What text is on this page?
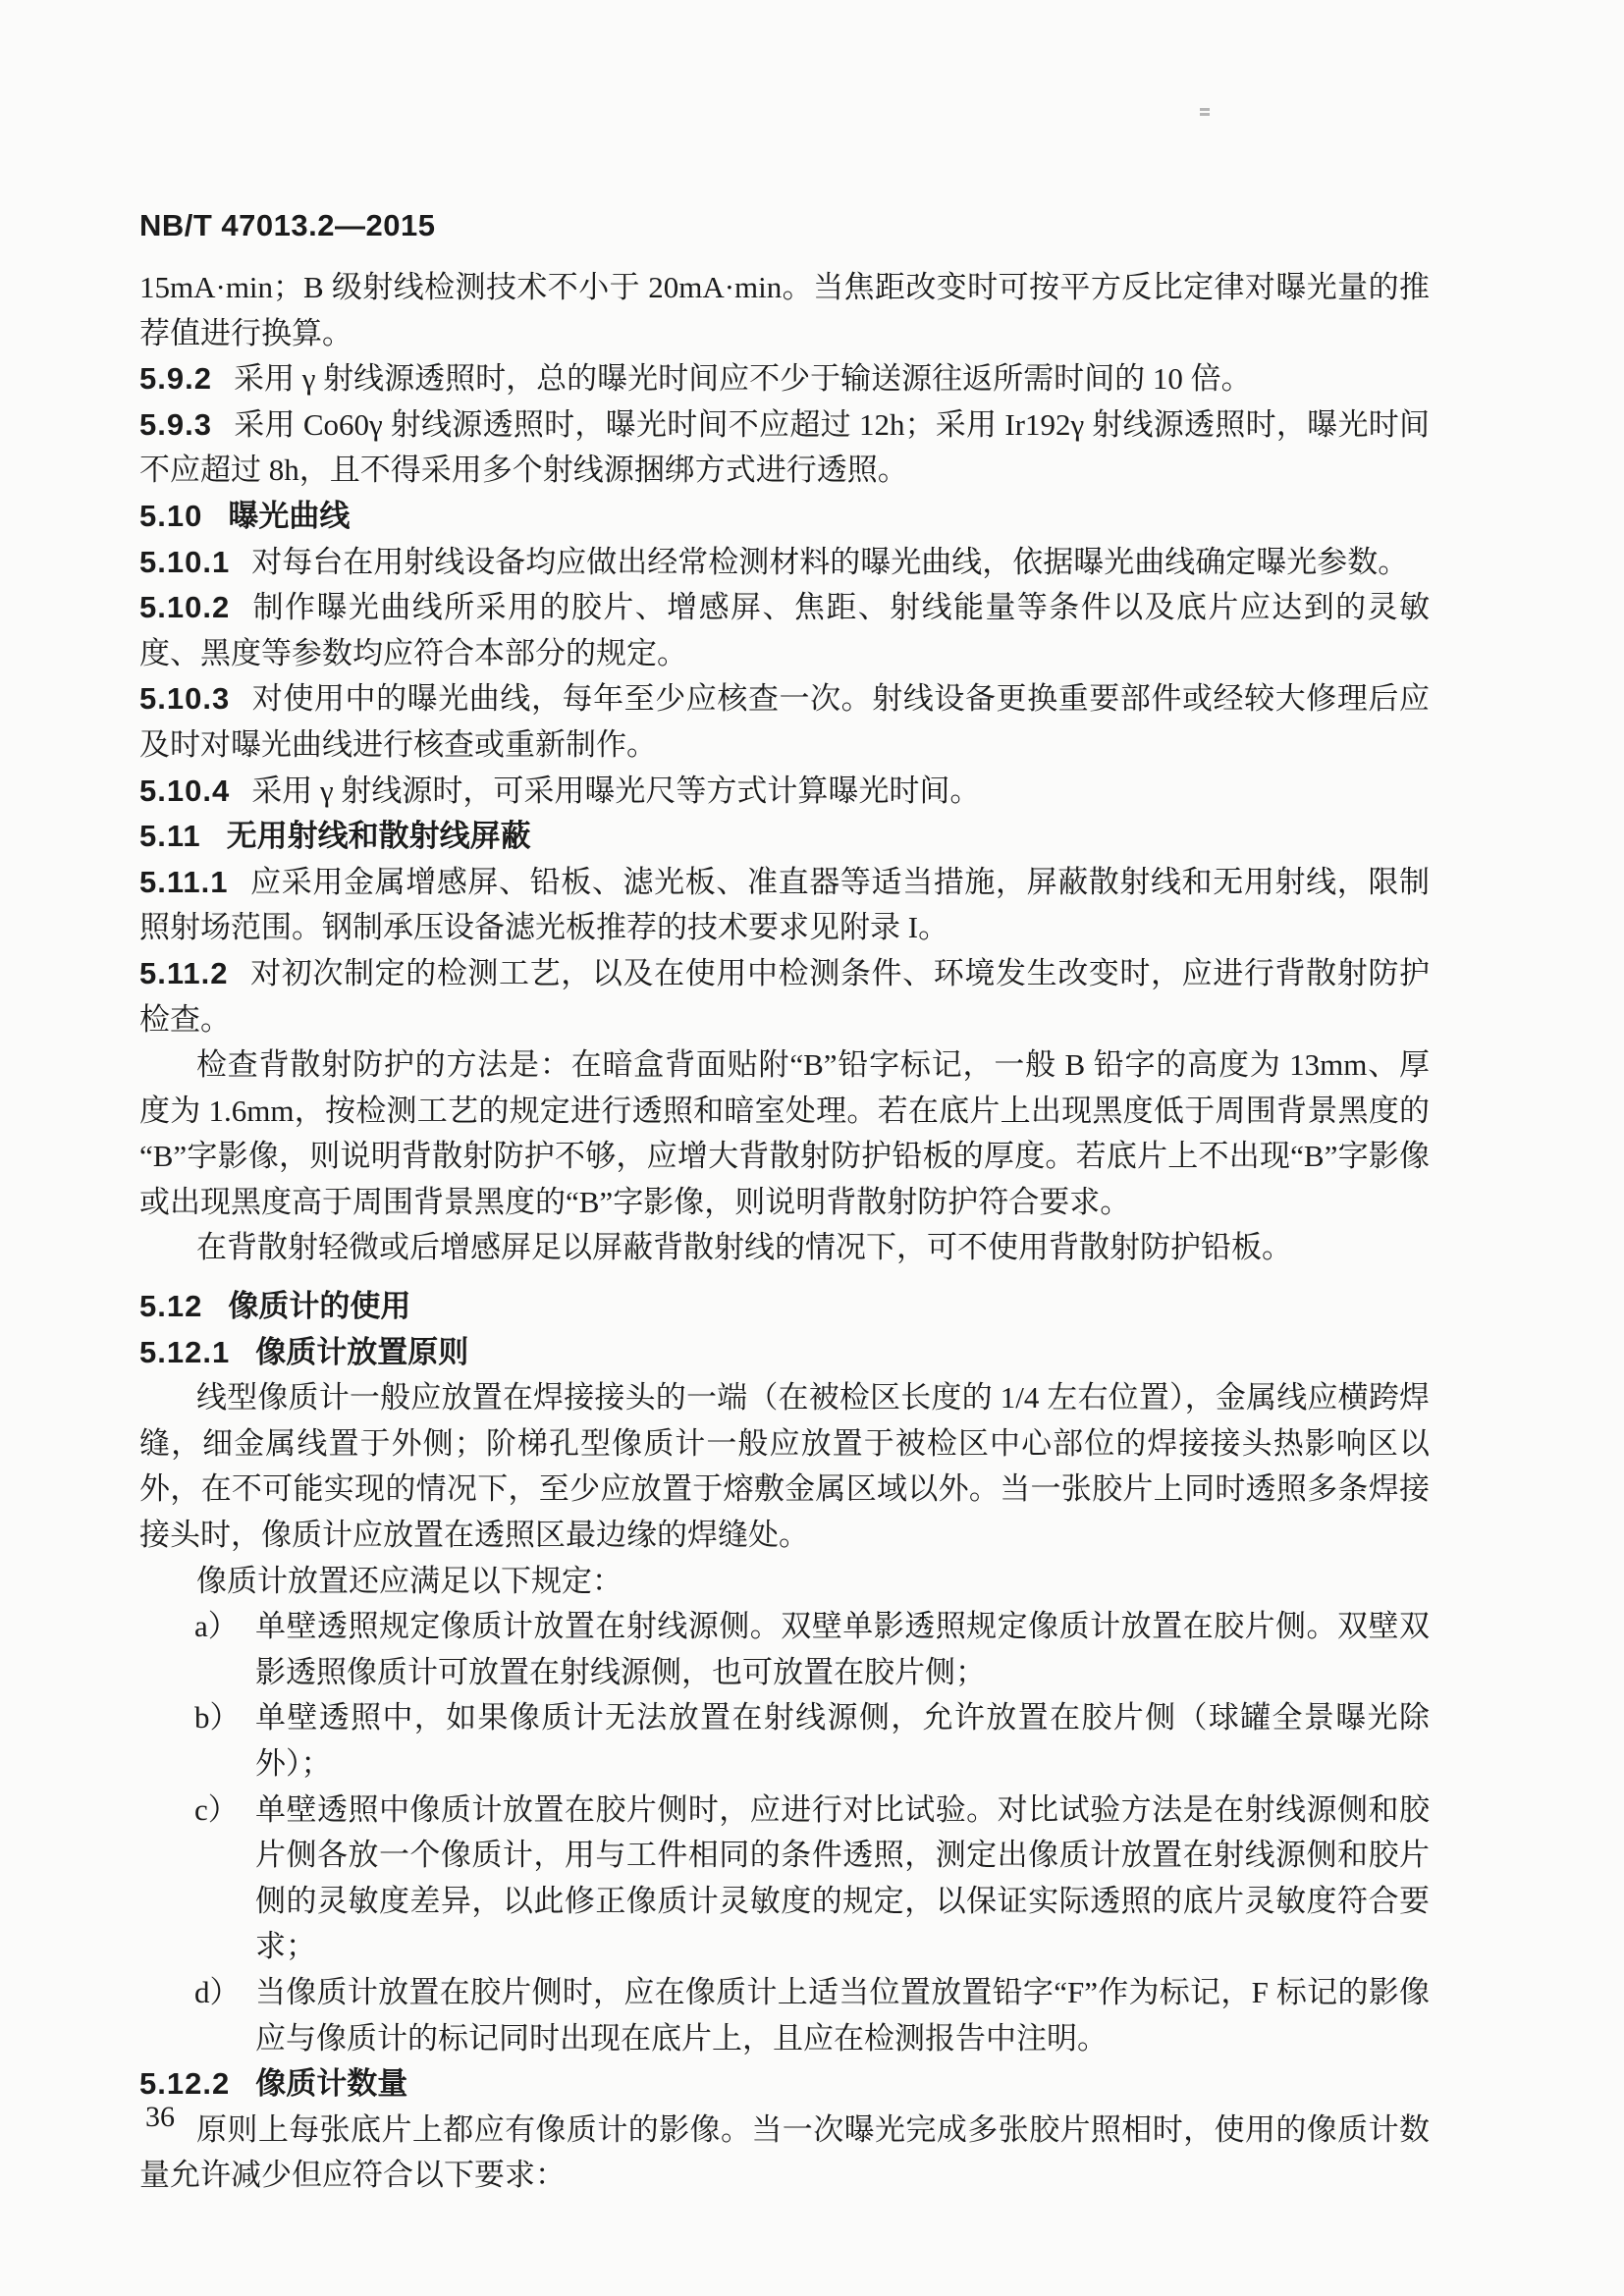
NB/T 47013.2—2015

15mA·min；B 级射线检测技术不小于 20mA·min。当焦距改变时可按平方反比定律对曝光量的推荐值进行换算。

5.9.2 采用 γ 射线源透照时，总的曝光时间应不少于输送源往返所需时间的 10 倍。

5.9.3 采用 Co60γ 射线源透照时，曝光时间不应超过 12h；采用 Ir192γ 射线源透照时，曝光时间不应超过 8h，且不得采用多个射线源捆绑方式进行透照。

5.10 曝光曲线

5.10.1 对每台在用射线设备均应做出经常检测材料的曝光曲线，依据曝光曲线确定曝光参数。

5.10.2 制作曝光曲线所采用的胶片、增感屏、焦距、射线能量等条件以及底片应达到的灵敏度、黑度等参数均应符合本部分的规定。

5.10.3 对使用中的曝光曲线，每年至少应核查一次。射线设备更换重要部件或经较大修理后应及时对曝光曲线进行核查或重新制作。

5.10.4 采用 γ 射线源时，可采用曝光尺等方式计算曝光时间。

5.11 无用射线和散射线屏蔽

5.11.1 应采用金属增感屏、铅板、滤光板、准直器等适当措施，屏蔽散射线和无用射线，限制照射场范围。钢制承压设备滤光板推荐的技术要求见附录 I。

5.11.2 对初次制定的检测工艺，以及在使用中检测条件、环境发生改变时，应进行背散射防护检查。

检查背散射防护的方法是：在暗盒背面贴附“B”铅字标记，一般 B 铅字的高度为 13mm、厚度为 1.6mm，按检测工艺的规定进行透照和暗室处理。若在底片上出现黑度低于周围背景黑度的“B”字影像，则说明背散射防护不够，应增大背散射防护铅板的厚度。若底片上不出现“B”字影像或出现黑度高于周围背景黑度的“B”字影像，则说明背散射防护符合要求。

在背散射轻微或后增感屏足以屏蔽背散射线的情况下，可不使用背散射防护铅板。

5.12 像质计的使用

5.12.1 像质计放置原则

线型像质计一般应放置在焊接接头的一端（在被检区长度的 1/4 左右位置），金属线应横跨焊缝，细金属线置于外侧；阶梯孔型像质计一般应放置于被检区中心部位的焊接接头热影响区以外，在不可能实现的情况下，至少应放置于熔敷金属区域以外。当一张胶片上同时透照多条焊接接头时，像质计应放置在透照区最边缘的焊缝处。

像质计放置还应满足以下规定：

a） 单壁透照规定像质计放置在射线源侧。双壁单影透照规定像质计放置在胶片侧。双壁双影透照像质计可放置在射线源侧，也可放置在胶片侧；

b） 单壁透照中，如果像质计无法放置在射线源侧，允许放置在胶片侧（球罐全景曝光除外）；

c） 单壁透照中像质计放置在胶片侧时，应进行对比试验。对比试验方法是在射线源侧和胶片侧各放一个像质计，用与工件相同的条件透照，测定出像质计放置在射线源侧和胶片侧的灵敏度差异，以此修正像质计灵敏度的规定，以保证实际透照的底片灵敏度符合要求；

d） 当像质计放置在胶片侧时，应在像质计上适当位置放置铅字“F”作为标记，F 标记的影像应与像质计的标记同时出现在底片上，且应在检测报告中注明。

5.12.2 像质计数量

原则上每张底片上都应有像质计的影像。当一次曝光完成多张胶片照相时，使用的像质计数量允许减少但应符合以下要求：

36
